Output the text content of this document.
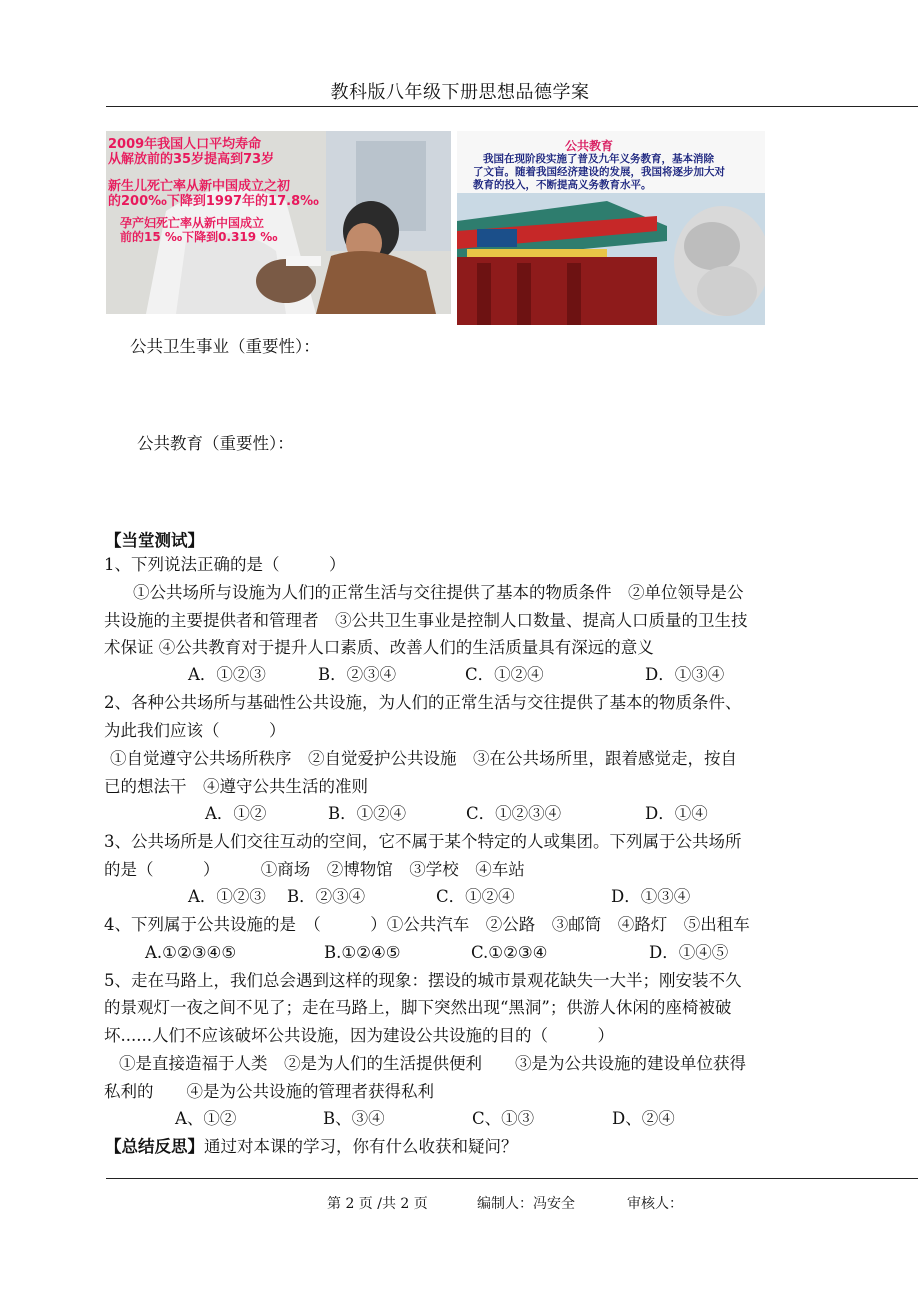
教科版八年级下册思想品德学案
2009年我国人口平均寿命
从解放前的35岁提高到73岁
新生儿死亡率从新中国成立之初
的200‰下降到1997年的17.8‰
孕产妇死亡率从新中国成立
前的15 ‰下降到0.319 ‰
公共教育
我国在现阶段实施了普及九年义务教育，基本消除
了文盲。随着我国经济建设的发展，我国将逐步加大对
教育的投入，不断提高义务教育水平。
公共卫生事业（重要性）：
公共教育（重要性）：
【当堂测试】
1、下列说法正确的是（　　　）
①公共场所与设施为人们的正常生活与交往提供了基本的物质条件　②单位领导是公
共设施的主要提供者和管理者　③公共卫生事业是控制人口数量、提高人口质量的卫生技
术保证 ④公共教育对于提升人口素质、改善人们的生活质量具有深远的意义
A．①②③	B．②③④	C．①②④	D．①③④
2、各种公共场所与基础性公共设施，为人们的正常生活与交往提供了基本的物质条件、
为此我们应该（　　　）
①自觉遵守公共场所秩序　②自觉爱护公共设施　③在公共场所里，跟着感觉走，按自
已的想法干　④遵守公共生活的准则
A．①②	B．①②④	C．①②③④	D．①④
3、公共场所是人们交往互动的空间，它不属于某个特定的人或集团。下列属于公共场所
的是（　　　）　　　①商场　②博物馆　③学校　④车站
A．①②③ B．②③④	C．①②④	D．①③④
4、下列属于公共设施的是　（　　　）①公共汽车　②公路　③邮筒　④路灯　⑤出租车
A.①②③④⑤	B.①②④⑤	C.①②③④	D．①④⑤
5、走在马路上，我们总会遇到这样的现象：摆设的城市景观花缺失一大半；刚安装不久
的景观灯一夜之间不见了；走在马路上，脚下突然出现“黑洞”；供游人休闲的座椅被破
坏......人们不应该破坏公共设施，因为建设公共设施的目的（　　　）
①是直接造福于人类　②是为人们的生活提供便利　　③是为公共设施的建设单位获得
私利的　　④是为公共设施的管理者获得私利
A、①②	B、③④	C、①③	D、②④
【总结反思】通过对本课的学习，你有什么收获和疑问？
第 2 页 /共 2 页	编制人：冯安全	审核人：
